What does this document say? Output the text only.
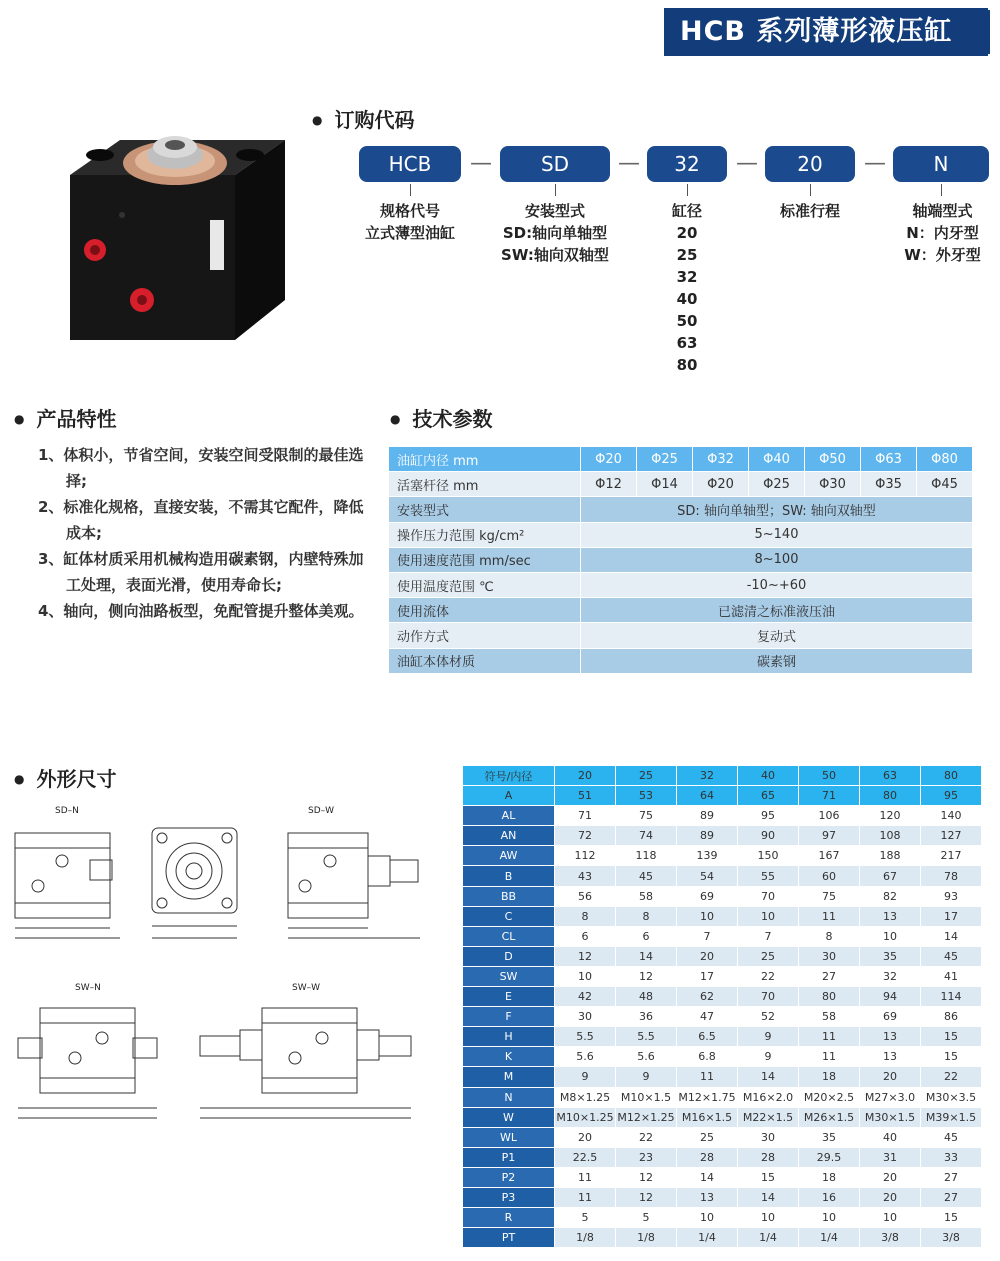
HCB 系列薄形液压缸
● 订购代码
HCB	—	SD	—	32	—	20	—	N
规格代号
立式薄型油缸
安装型式
SD:轴向单轴型
SW:轴向双轴型
缸径
20
25
32
40
50
63
80
标准行程	轴端型式
N：内牙型
W：外牙型
● 产品特性
1、体积小，节省空间，安装空间受限制的最佳选择;
2、标准化规格，直接安装，不需其它配件，降低成本;
3、缸体材质采用机械构造用碳素钢，内壁特殊加工处理，表面光滑，使用寿命长;
4、轴向，侧向油路板型，免配管提升整体美观。
● 技术参数
油缸内径 mm	Φ20	Φ25	Φ32	Φ40	Φ50	Φ63	Φ80
活塞杆径 mm	Φ12	Φ14	Φ20	Φ25	Φ30	Φ35	Φ45
安装型式	SD: 轴向单轴型；SW: 轴向双轴型						
操作压力范围 kg/cm²	5~140						
使用速度范围 mm/sec	8~100						
使用温度范围 ℃	-10~+60						
使用流体	已滤清之标准液压油						
动作方式	复动式						
油缸本体材质	碳素钢						
● 外形尺寸
SD–N	SD–W
SW–N	SW–W
符号/内径	20	25	32	40	50	63	80
A	51	53	64	65	71	80	95
AL	71	75	89	95	106	120	140
AN	72	74	89	90	97	108	127
AW	112	118	139	150	167	188	217
B	43	45	54	55	60	67	78
BB	56	58	69	70	75	82	93
C	8	8	10	10	11	13	17
CL	6	6	7	7	8	10	14
D	12	14	20	25	30	35	45
SW	10	12	17	22	27	32	41
E	42	48	62	70	80	94	114
F	30	36	47	52	58	69	86
H	5.5	5.5	6.5	9	11	13	15
K	5.6	5.6	6.8	9	11	13	15
M	9	9	11	14	18	20	22
N	M8×1.25	M10×1.5	M12×1.75	M16×2.0	M20×2.5	M27×3.0	M30×3.5
W	M10×1.25	M12×1.25	M16×1.5	M22×1.5	M26×1.5	M30×1.5	M39×1.5
WL	20	22	25	30	35	40	45
P1	22.5	23	28	28	29.5	31	33
P2	11	12	14	15	18	20	27
P3	11	12	13	14	16	20	27
R	5	5	10	10	10	10	15
PT	1/8	1/8	1/4	1/4	1/4	3/8	3/8
